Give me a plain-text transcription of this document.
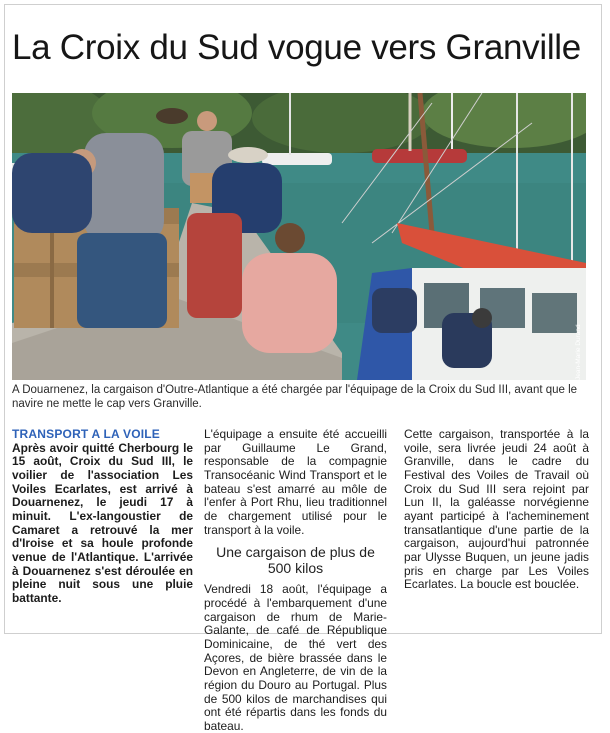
La Croix du Sud vogue vers Granville
Jean-Marie Durand

A Douarnenez, la cargaison d'Outre-Atlantique a été chargée par l'équipage de la Croix du Sud III, avant que le navire ne mette le cap vers Granville.

TRANSPORT A LA VOILE

Après avoir quitté Cherbourg le 15 août, Croix du Sud III, le voilier de l'association Les Voiles Ecarlates, est arrivé à Douarnenez, le jeudi 17 à minuit. L'ex-langoustier de Camaret a retrouvé la mer d'Iroise et sa houle profonde venue de l'Atlantique. L'arrivée à Douarnenez s'est déroulée en pleine nuit sous une pluie battante.

L'équipage a ensuite été accueilli par Guillaume Le Grand, responsable de la compagnie Transocéanic Wind Transport et le bateau s'est amarré au môle de l'enfer à Port Rhu, lieu traditionnel de chargement utilisé pour le transport à la voile.

Une cargaison de plus de 500 kilos

Vendredi 18 août, l'équipage a procédé à l'embarquement d'une cargaison de rhum de Marie-Galante, de café de République Dominicaine, de thé vert des Açores, de bière brassée dans le Devon en Angleterre, de vin de la région du Douro au Portugal. Plus de 500 kilos de marchandises qui ont été répartis dans les fonds du bateau.

Cette cargaison, transportée à la voile, sera livrée jeudi 24 août à Granville, dans le cadre du Festival des Voiles de Travail où Croix du Sud III sera rejoint par Lun II, la galéasse norvégienne ayant participé à l'acheminement transatlantique d'une partie de la cargaison, aujourd'hui patronnée par Ulysse Buquen, un jeune jadis pris en charge par Les Voiles Ecarlates. La boucle est bouclée.
